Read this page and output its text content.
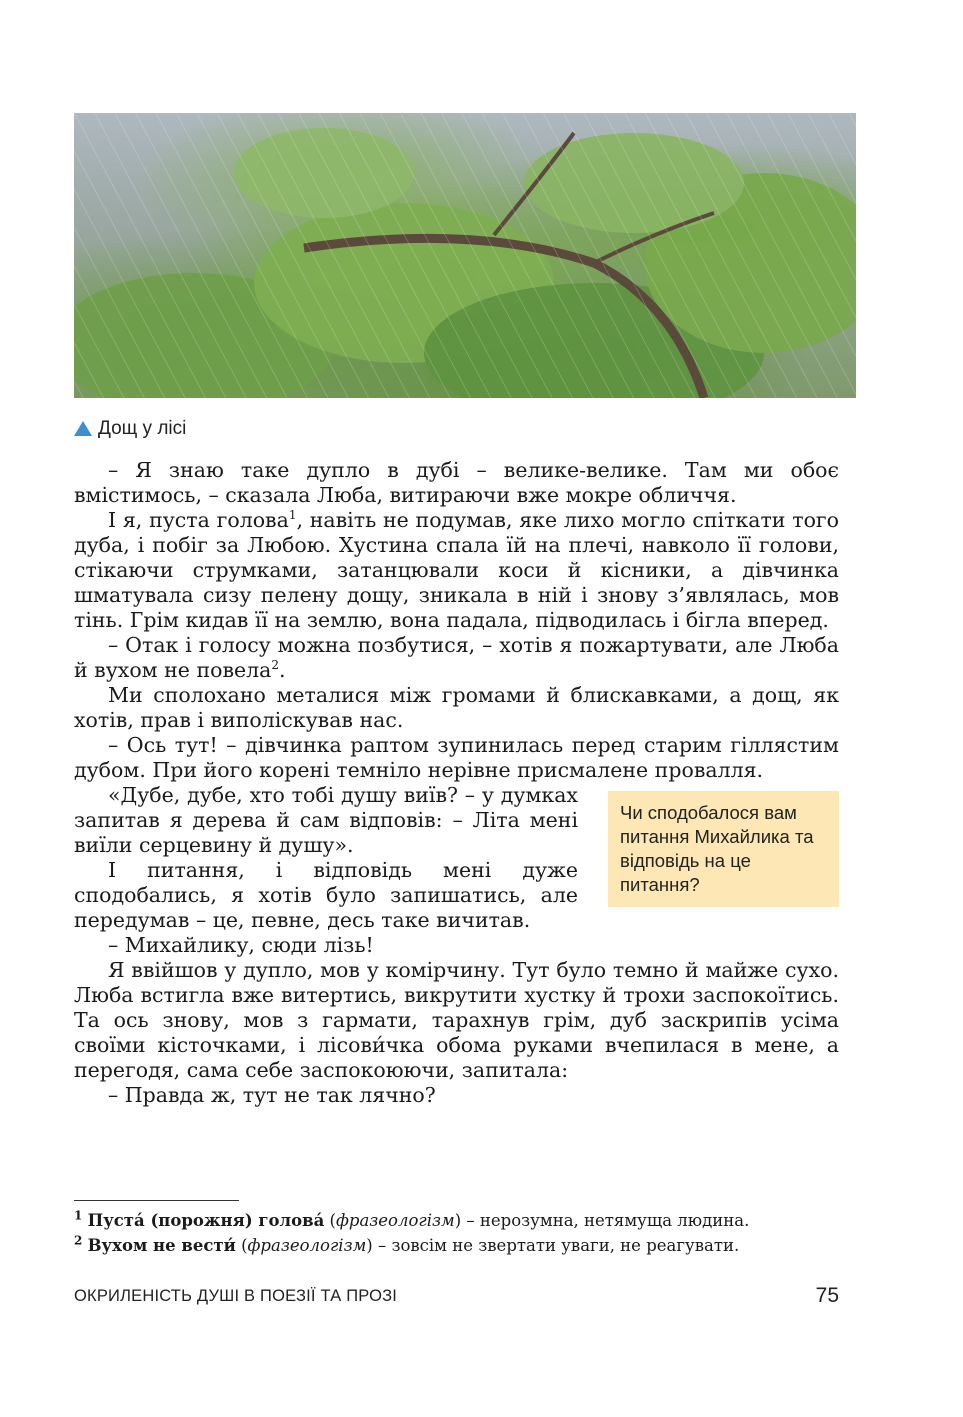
Дощ у лісі

– Я знаю таке дупло в дубі – велике-велике. Там ми обоє вмістимось, – сказала Люба, витираючи вже мокре обличчя.

І я, пуста голова$^1$, навіть не подумав, яке лихо могло спіткати того дуба, і побіг за Любою. Хустина спала їй на плечі, навколо її голови, стікаючи струмками, затанцювали коси й кісники, а дівчинка шматувала сизу пелену дощу, зникала в ній і знову з’являлась, мов тінь. Грім кидав її на землю, вона падала, підводилась і бігла вперед.

– Отак і голосу можна позбутися, – хотів я пожартувати, але Люба й вухом не повела$^2$.

Ми сполохано металися між громами й блискавками, а дощ, як хотів, прав і виполіскував нас.

– Ось тут! – дівчинка раптом зупинилась перед старим гіллястим дубом. При його корені темніло нерівне присмалене провалля.

«Дубе, дубе, хто тобі душу виїв? – у думках запитав я дерева й сам відповів: – Літа мені виїли серцевину й душу».

І питання, і відповідь мені дуже сподобались, я хотів було запишатись, але передумав – це, певне, десь таке вичитав.

Чи сподобалося вам питання Михайлика та відповідь на це питання?

– Михайлику, сюди лізь!

Я ввійшов у дупло, мов у комірчину. Тут було темно й майже сухо. Люба встигла вже витертись, викрутити хустку й трохи заспокоїтись. Та ось знову, мов з гармати, тарахнув грім, дуб заскрипів усіма своїми кісточками, і лісови́чка обома руками вчепилася в мене, а перегодя, сама себе заспокоюючи, запитала:

– Правда ж, тут не так лячно?

$^1$ Пуста́ (порожня) голова́ (фразеологізм) – нерозумна, нетямуща людина.
$^2$ Вухом не вести́ (фразеологізм) – зовсім не звертати уваги, не реагувати.
ОКРИЛЕНІСТЬ ДУШІ В ПОЕЗІЇ ТА ПРОЗІ	75
